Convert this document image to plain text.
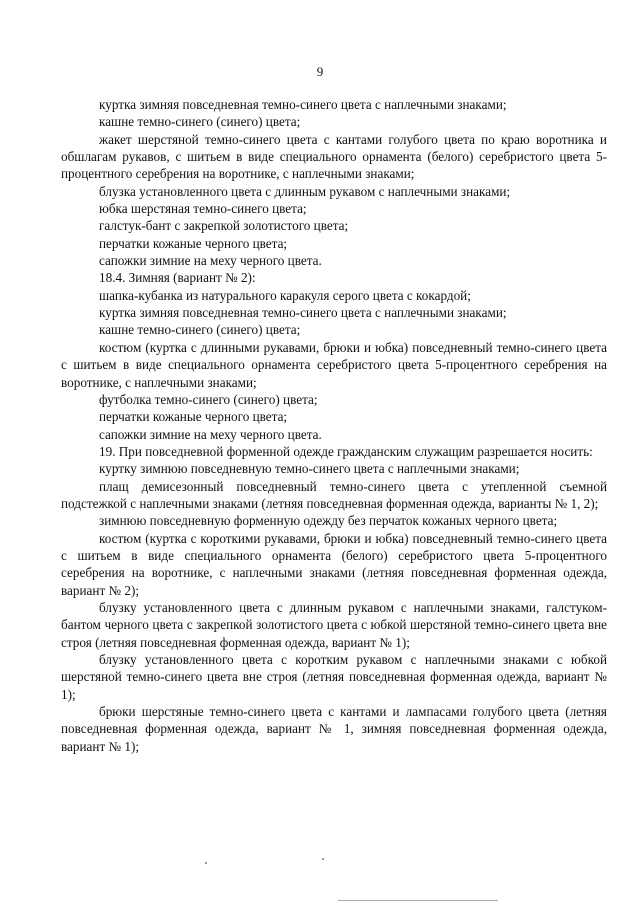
9

куртка зимняя повседневная темно-синего цвета с наплечными знаками;

кашне темно-синего (синего) цвета;

жакет шерстяной темно-синего цвета с кантами голубого цвета по краю воротника и обшлагам рукавов, с шитьем в виде специального орнамента (белого) серебристого цвета 5-процентного серебрения на воротнике, с наплечными знаками;

блузка установленного цвета с длинным рукавом с наплечными знаками;

юбка шерстяная темно-синего цвета;

галстук-бант с закрепкой золотистого цвета;

перчатки кожаные черного цвета;

сапожки зимние на меху черного цвета.

18.4. Зимняя (вариант № 2):

шапка-кубанка из натурального каракуля серого цвета с кокардой;

куртка зимняя повседневная темно-синего цвета с наплечными знаками;

кашне темно-синего (синего) цвета;

костюм (куртка с длинными рукавами, брюки и юбка) повседневный темно-синего цвета с шитьем в виде специального орнамента серебристого цвета 5-процентного серебрения на воротнике, с наплечными знаками;

футболка темно-синего (синего) цвета;

перчатки кожаные черного цвета;

сапожки зимние на меху черного цвета.

19. При повседневной форменной одежде гражданским служащим разрешается носить:

куртку зимнюю повседневную темно-синего цвета с наплечными знаками;

плащ демисезонный повседневный темно-синего цвета с утепленной съемной подстежкой с наплечными знаками (летняя повседневная форменная одежда, варианты № 1, 2);

зимнюю повседневную форменную одежду без перчаток кожаных черного цвета;

костюм (куртка с короткими рукавами, брюки и юбка) повседневный темно-синего цвета с шитьем в виде специального орнамента (белого) серебристого цвета 5-процентного серебрения на воротнике, с наплечными знаками (летняя повседневная форменная одежда, вариант № 2);

блузку установленного цвета с длинным рукавом с наплечными знаками, галстуком-бантом черного цвета с закрепкой золотистого цвета с юбкой шерстяной темно-синего цвета вне строя (летняя повседневная форменная одежда, вариант № 1);

блузку установленного цвета с коротким рукавом с наплечными знаками с юбкой шерстяной темно-синего цвета вне строя (летняя повседневная форменная одежда, вариант № 1);

брюки шерстяные темно-синего цвета с кантами и лампасами голубого цвета (летняя повседневная форменная одежда, вариант № 1, зимняя повседневная форменная одежда, вариант № 1);
